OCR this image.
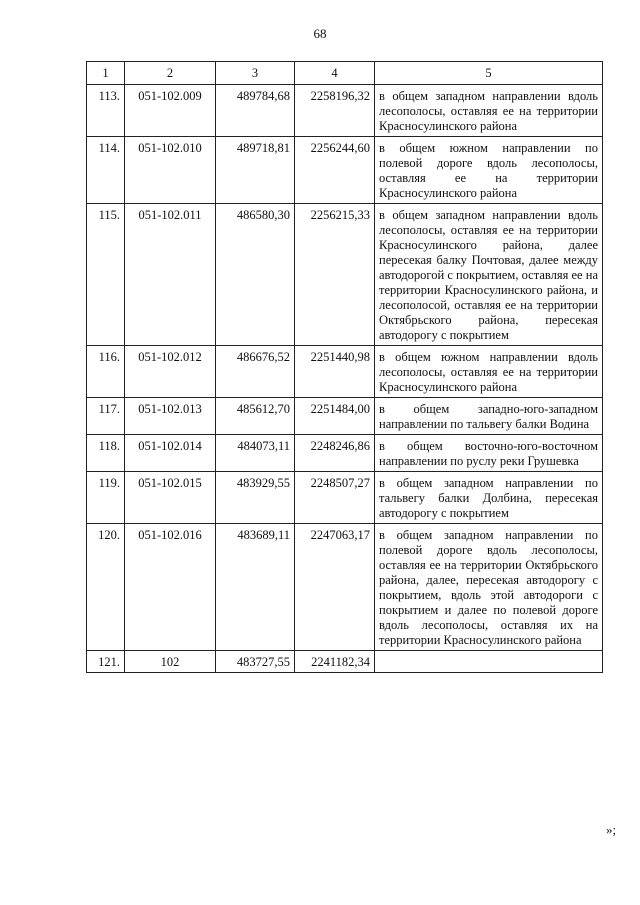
68
1	2	3	4	5
113.	051-102.009	489784,68	2258196,32	в общем западном направлении вдоль лесополосы, оставляя ее на территории Красносулинского района
114.	051-102.010	489718,81	2256244,60	в общем южном направлении по полевой дороге вдоль лесополосы, оставляя ее на территории Красносулинского района
115.	051-102.011	486580,30	2256215,33	в общем западном направлении вдоль лесополосы, оставляя ее на территории Красносулинского района, далее пересекая балку Почтовая, далее между автодорогой с покрытием, оставляя ее на территории Красносулинского района, и лесополосой, оставляя ее на территории Октябрьского района, пересекая автодорогу с покрытием
116.	051-102.012	486676,52	2251440,98	в общем южном направлении вдоль лесополосы, оставляя ее на территории Красносулинского района
117.	051-102.013	485612,70	2251484,00	в общем западно-юго-западном направлении по тальвегу балки Водина
118.	051-102.014	484073,11	2248246,86	в общем восточно-юго-восточном направлении по руслу реки Грушевка
119.	051-102.015	483929,55	2248507,27	в общем западном направлении по тальвегу балки Долбина, пересекая автодорогу с покрытием
120.	051-102.016	483689,11	2247063,17	в общем западном направлении по полевой дороге вдоль лесополосы, оставляя ее на территории Октябрьского района, далее, пересекая автодорогу с покрытием, вдоль этой автодороги с покрытием и далее по полевой дороге вдоль лесополосы, оставляя их на территории Красносулинского района
121.	102	483727,55	2241182,34	
»;
